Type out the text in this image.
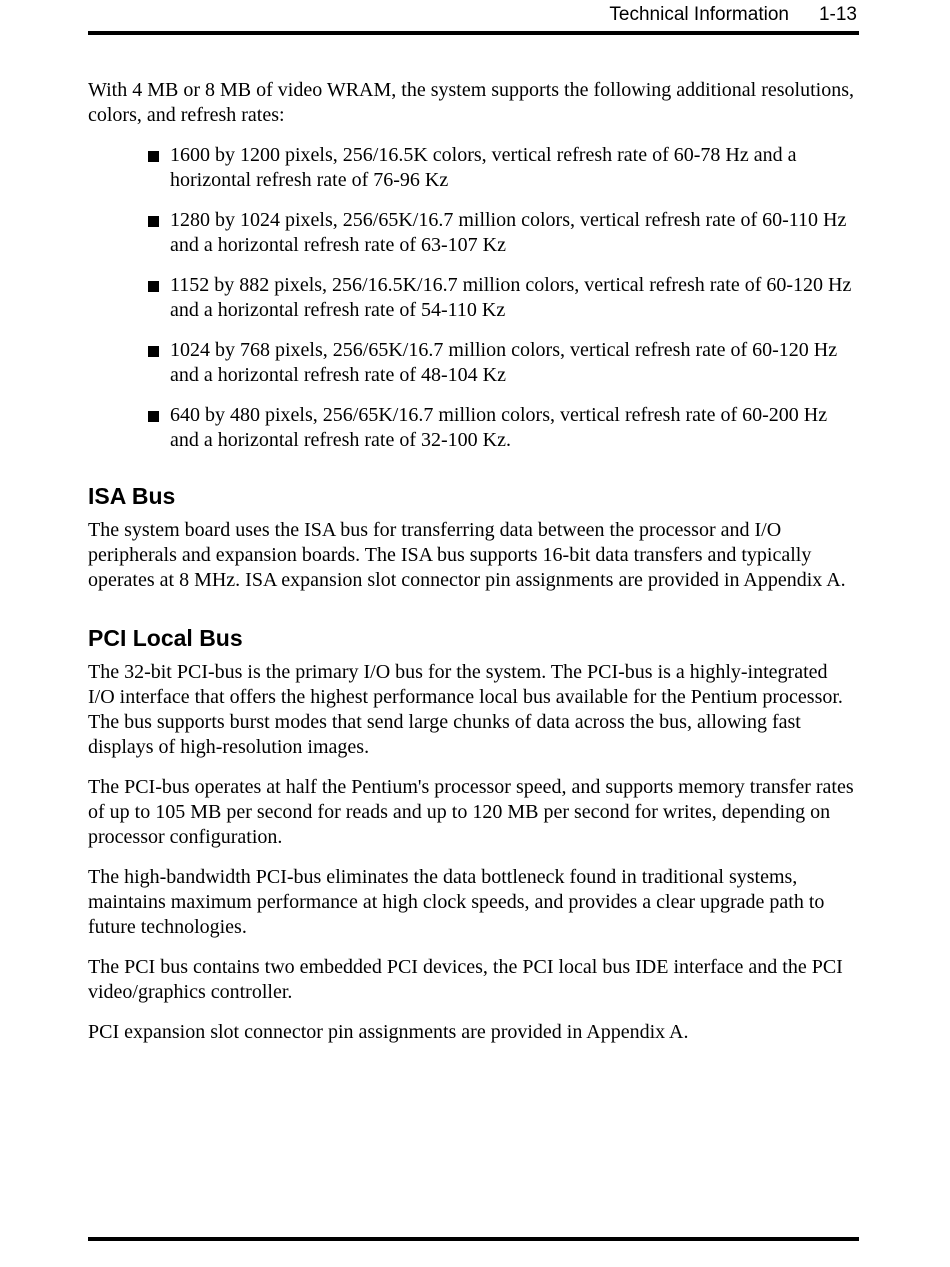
Technical Information 1-13

With 4 MB or 8 MB of video WRAM, the system supports the following additional resolutions, colors, and refresh rates:

1600 by 1200 pixels, 256/16.5K colors, vertical refresh rate of 60-78 Hz and a horizontal refresh rate of 76-96 Kz
1280 by 1024 pixels, 256/65K/16.7 million colors, vertical refresh rate of 60-110 Hz and a horizontal refresh rate of 63-107 Kz
1152 by 882 pixels, 256/16.5K/16.7 million colors, vertical refresh rate of 60-120 Hz and a horizontal refresh rate of 54-110 Kz
1024 by 768 pixels, 256/65K/16.7 million colors, vertical refresh rate of 60-120 Hz and a horizontal refresh rate of 48-104 Kz
640 by 480 pixels, 256/65K/16.7 million colors, vertical refresh rate of 60-200 Hz and a horizontal refresh rate of 32-100 Kz.
ISA Bus

The system board uses the ISA bus for transferring data between the processor and I/O peripherals and expansion boards. The ISA bus supports 16-bit data transfers and typically operates at 8 MHz. ISA expansion slot connector pin assignments are provided in Appendix A.

PCI Local Bus

The 32-bit PCI-bus is the primary I/O bus for the system. The PCI-bus is a highly-integrated I/O interface that offers the highest performance local bus available for the Pentium processor. The bus supports burst modes that send large chunks of data across the bus, allowing fast displays of high-resolution images.

The PCI-bus operates at half the Pentium's processor speed, and supports memory transfer rates of up to 105 MB per second for reads and up to 120 MB per second for writes, depending on processor configuration.

The high-bandwidth PCI-bus eliminates the data bottleneck found in traditional systems, maintains maximum performance at high clock speeds, and provides a clear upgrade path to future technologies.

The PCI bus contains two embedded PCI devices, the PCI local bus IDE interface and the PCI video/graphics controller.

PCI expansion slot connector pin assignments are provided in Appendix A.
